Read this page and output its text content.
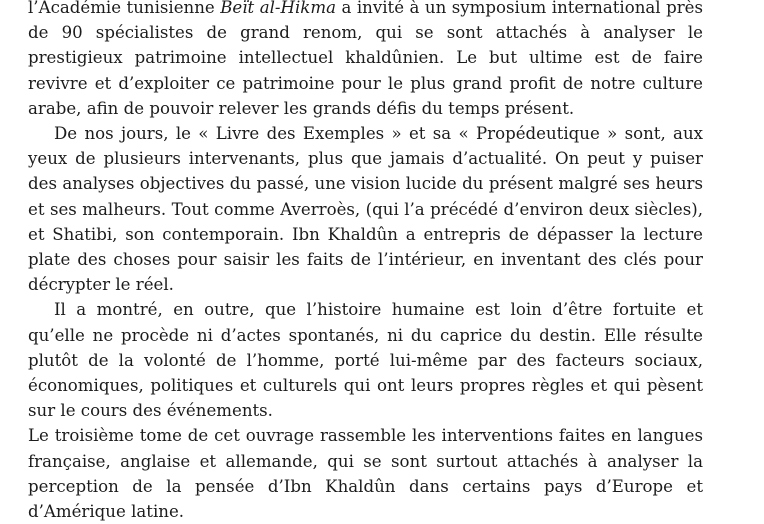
l’Académie tunisienne Beït al-Hikma a invité à un symposium international près de 90 spécialistes de grand renom, qui se sont attachés à analyser le prestigieux patrimoine intellectuel khaldûnien. Le but ultime est de faire revivre et d’exploiter ce patrimoine pour le plus grand profit de notre culture arabe, afin de pouvoir relever les grands défis du temps présent.

De nos jours, le « Livre des Exemples » et sa « Propédeutique » sont, aux yeux de plusieurs intervenants, plus que jamais d’actualité. On peut y puiser des analyses objectives du passé, une vision lucide du présent malgré ses heurs et ses malheurs. Tout comme Averroès, (qui l’a précédé d’environ deux siècles), et Shatibi, son contemporain. Ibn Khaldûn a entrepris de dépasser la lecture plate des choses pour saisir les faits de l’intérieur, en inventant des clés pour décrypter le réel.

Il a montré, en outre, que l’histoire humaine est loin d’être fortuite et qu’elle ne procède ni d’actes spontanés, ni du caprice du destin. Elle résulte plutôt de la volonté de l’homme, porté lui-même par des facteurs sociaux, économiques, politiques et culturels qui ont leurs propres règles et qui pèsent sur le cours des événements.

Le troisième tome de cet ouvrage rassemble les interventions faites en langues française, anglaise et allemande, qui se sont surtout attachés à analyser la perception de la pensée d’Ibn Khaldûn dans certains pays d’Europe et d’Amérique latine.
